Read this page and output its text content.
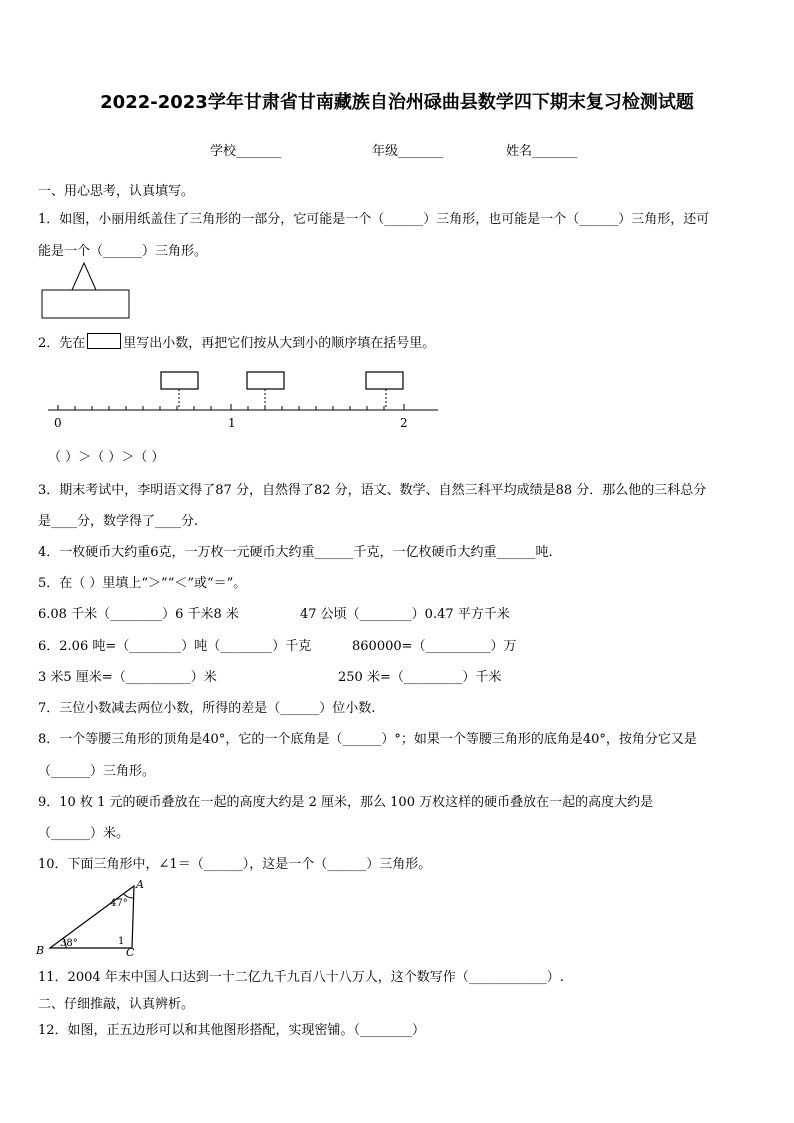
2022-2023学年甘肃省甘南藏族自治州碌曲县数学四下期末复习检测试题
学校_______	年级_______	姓名_______
一、用心思考，认真填写。
1．如图，小丽用纸盖住了三角形的一部分，它可能是一个（______）三角形，也可能是一个（______）三角形，还可
能是一个（______）三角形。
2．先在	里写出小数，再把它们按从大到小的顺序填在括号里。
0	1	2
（ ）＞（ ）＞（ ）
3．期末考试中，李明语文得了87 分，自然得了82 分，语文、数学、自然三科平均成绩是88 分．那么他的三科总分
是____分，数学得了____分.
4．一枚硬币大约重6克，一万枚一元硬币大约重______千克，一亿枚硬币大约重______吨.
5．在（ ）里填上“＞”“＜”或“＝”。
6.08 千米（________）6 千米8 米	47 公顷（________）0.47 平方千米
6．2.06 吨=（________）吨（________）千克	860000=（__________）万
3 米5 厘米=（__________）米	250 米=（_________）千米
7．三位小数减去两位小数，所得的差是（______）位小数.
8．一个等腰三角形的顶角是40°，它的一个底角是（______）°；如果一个等腰三角形的底角是40°，按角分它又是
（______）三角形。
9．10 枚 1 元的硬币叠放在一起的高度大约是 2 厘米，那么 100 万枚这样的硬币叠放在一起的高度大约是
（______）米。
10．下面三角形中，∠1＝（______），这是一个（______）三角形。
A
B	C
47°
38°	1
11．2004 年末中国人口达到一十二亿九千九百八十八万人，这个数写作（____________）.
二、仔细推敲，认真辨析。
12．如图，正五边形可以和其他图形搭配，实现密铺。（________）
